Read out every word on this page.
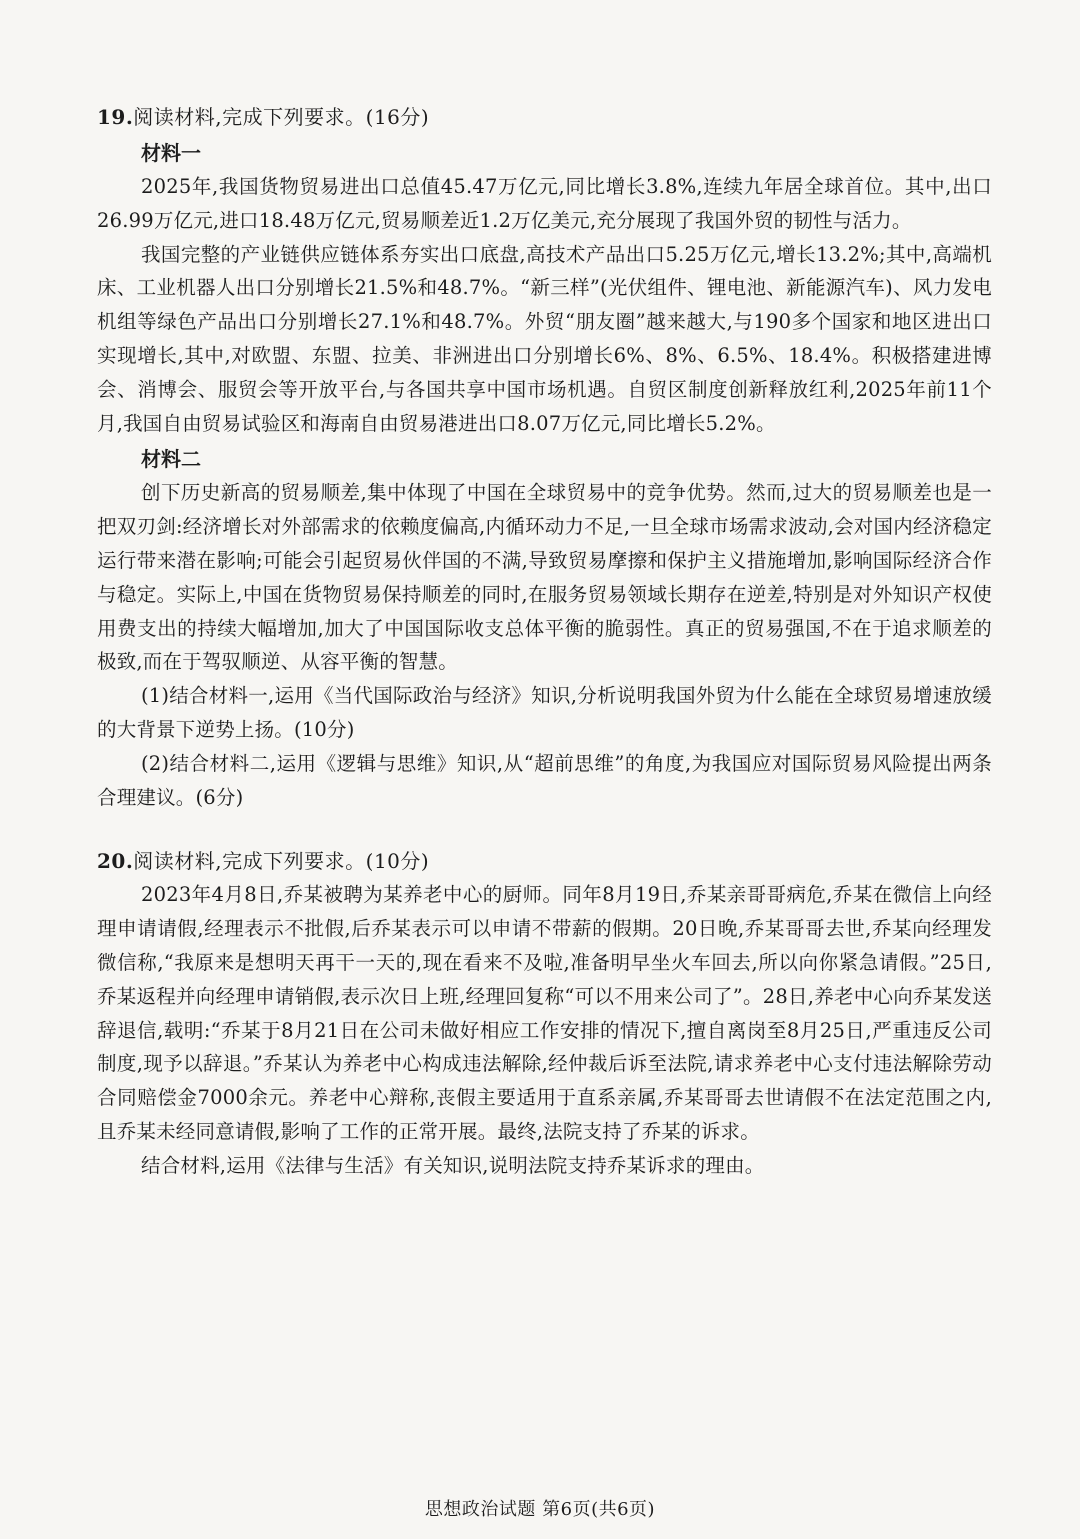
19.阅读材料,完成下列要求。(16分)

材料一

2025年,我国货物贸易进出口总值45.47万亿元,同比增长3.8%,连续九年居全球首位。其中,出口26.99万亿元,进口18.48万亿元,贸易顺差近1.2万亿美元,充分展现了我国外贸的韧性与活力。

我国完整的产业链供应链体系夯实出口底盘,高技术产品出口5.25万亿元,增长13.2%;其中,高端机床、工业机器人出口分别增长21.5%和48.7%。“新三样”(光伏组件、锂电池、新能源汽车)、风力发电机组等绿色产品出口分别增长27.1%和48.7%。外贸“朋友圈”越来越大,与190多个国家和地区进出口实现增长,其中,对欧盟、东盟、拉美、非洲进出口分别增长6%、8%、6.5%、18.4%。积极搭建进博会、消博会、服贸会等开放平台,与各国共享中国市场机遇。自贸区制度创新释放红利,2025年前11个月,我国自由贸易试验区和海南自由贸易港进出口8.07万亿元,同比增长5.2%。

材料二

创下历史新高的贸易顺差,集中体现了中国在全球贸易中的竞争优势。然而,过大的贸易顺差也是一把双刃剑:经济增长对外部需求的依赖度偏高,内循环动力不足,一旦全球市场需求波动,会对国内经济稳定运行带来潜在影响;可能会引起贸易伙伴国的不满,导致贸易摩擦和保护主义措施增加,影响国际经济合作与稳定。实际上,中国在货物贸易保持顺差的同时,在服务贸易领域长期存在逆差,特别是对外知识产权使用费支出的持续大幅增加,加大了中国国际收支总体平衡的脆弱性。真正的贸易强国,不在于追求顺差的极致,而在于驾驭顺逆、从容平衡的智慧。

(1)结合材料一,运用《当代国际政治与经济》知识,分析说明我国外贸为什么能在全球贸易增速放缓的大背景下逆势上扬。(10分)

(2)结合材料二,运用《逻辑与思维》知识,从“超前思维”的角度,为我国应对国际贸易风险提出两条合理建议。(6分)

20.阅读材料,完成下列要求。(10分)

2023年4月8日,乔某被聘为某养老中心的厨师。同年8月19日,乔某亲哥哥病危,乔某在微信上向经理申请请假,经理表示不批假,后乔某表示可以申请不带薪的假期。20日晚,乔某哥哥去世,乔某向经理发微信称,“我原来是想明天再干一天的,现在看来不及啦,准备明早坐火车回去,所以向你紧急请假。”25日,乔某返程并向经理申请销假,表示次日上班,经理回复称“可以不用来公司了”。28日,养老中心向乔某发送辞退信,载明:“乔某于8月21日在公司未做好相应工作安排的情况下,擅自离岗至8月25日,严重违反公司制度,现予以辞退。”乔某认为养老中心构成违法解除,经仲裁后诉至法院,请求养老中心支付违法解除劳动合同赔偿金7000余元。养老中心辩称,丧假主要适用于直系亲属,乔某哥哥去世请假不在法定范围之内,且乔某未经同意请假,影响了工作的正常开展。最终,法院支持了乔某的诉求。

结合材料,运用《法律与生活》有关知识,说明法院支持乔某诉求的理由。

思想政治试题 第6页(共6页)
